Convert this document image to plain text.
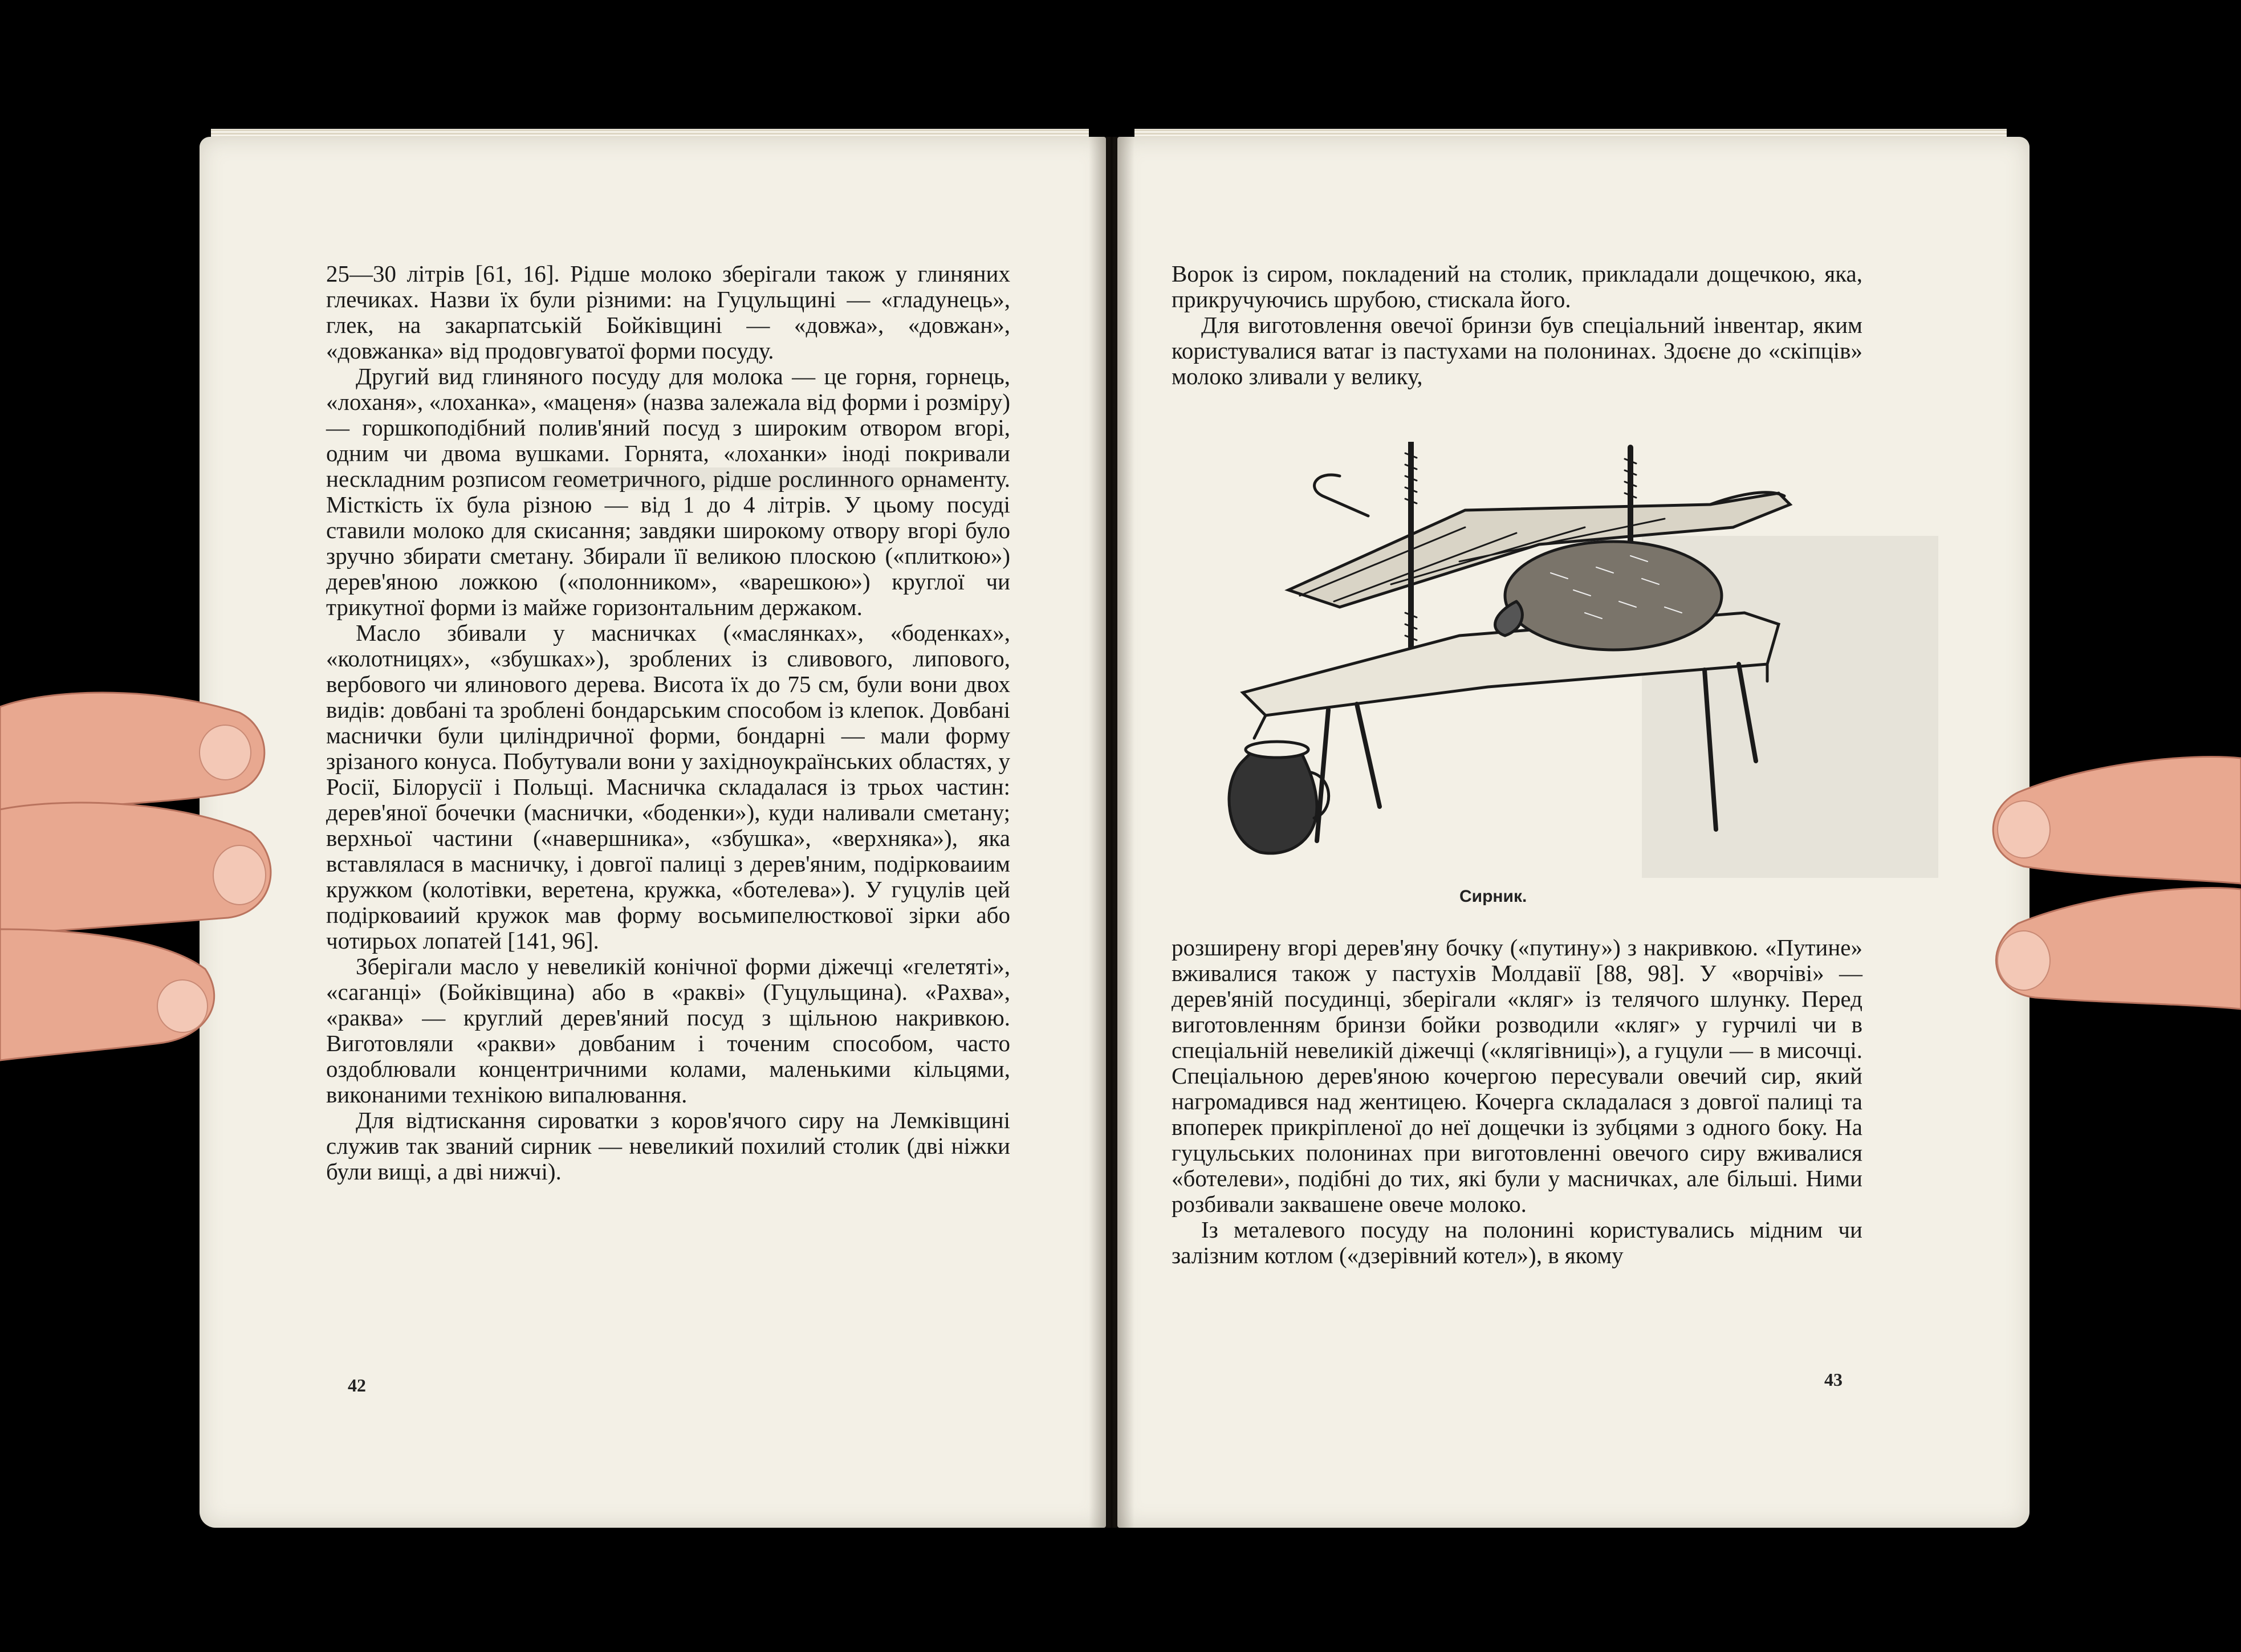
25—30 літрів [61, 16]. Рідше молоко зберігали також у глиняних глечиках. Назви їх були різними: на Гуцульщині — «гладунець», глек, на закарпатській Бойківщині — «довжа», «довжан», «довжанка» від продовгуватої форми посуду.

Другий вид глиняного посуду для молока — це горня, горнець, «лоханя», «лоханка», «маценя» (назва залежала від форми і розміру) — горшкоподібний полив'яний посуд з широким отвором вгорі, одним чи двома вушками. Горнята, «лоханки» іноді покривали нескладним розписом геометричного, рідше рослинного орнаменту. Місткість їх була різною — від 1 до 4 літрів. У цьому посуді ставили молоко для скисання; завдяки широкому отвору вгорі було зручно збирати сметану. Збирали її великою плоскою («плиткою») дерев'яною ложкою («полонником», «варешкою») круглої чи трикутної форми із майже горизонтальним держаком.

Масло збивали у масничках («маслянках», «боденках», «колотницях», «збушках»), зроблених із сливового, липового, вербового чи ялинового дерева. Висота їх до 75 см, були вони двох видів: довбані та зроблені бондарським способом із клепок. Довбані маснички були циліндричної форми, бондарні — мали форму зрізаного конуса. Побутували вони у західноукраїнських областях, у Росії, Білорусії і Польщі. Масничка складалася із трьох частин: дерев'яної бочечки (маснички, «боденки»), куди наливали сметану; верхньої частини («навершника», «збушка», «верхняка»), яка вставлялася в масничку, і довгої палиці з дерев'яним, подірковаиим кружком (колотівки, веретена, кружка, «ботелева»). У гуцулів цей подірковаиий кружок мав форму восьмипелюсткової зірки або чотирьох лопатей [141, 96].

Зберігали масло у невеликій конічної форми діжечці «гелетяті», «саганці» (Бойківщина) або в «ракві» (Гуцульщина). «Рахва», «раква» — круглий дерев'яний посуд з щільною накривкою. Виготовляли «ракви» довбаним і точеним способом, часто оздоблювали концентричними колами, маленькими кільцями, виконаними технікою випалювання.

Для відтискання сироватки з коров'ячого сиру на Лемківщині служив так званий сирник — невеликий похилий столик (дві ніжки були вищі, а дві нижчі).

42

Ворок із сиром, покладений на столик, прикладали дощечкою, яка, прикручуючись шрубою, стискала його.

Для виготовлення овечої бринзи був спеціальний інвентар, яким користувалися ватаг із пастухами на полонинах. Здоєне до «скіпців» молоко зливали у велику,

Сирник.

розширену вгорі дерев'яну бочку («путину») з накривкою. «Путине» вживалися також у пастухів Молдавії [88, 98]. У «ворчіві» — дерев'яній посудинці, зберігали «кляг» із телячого шлунку. Перед виготовленням бринзи бойки розводили «кляг» у гурчилі чи в спеціальній невеликій діжечці («клягівниці»), а гуцули — в мисочці. Спеціальною дерев'яною кочергою пересували овечий сир, який нагромадився над жентицею. Кочерга складалася з довгої палиці та впоперек прикріпленої до неї дощечки із зубцями з одного боку. На гуцульських полонинах при виготовленні овечого сиру вживалися «ботелеви», подібні до тих, які були у масничках, але більші. Ними розбивали заквашене овече молоко.

Із металевого посуду на полонині користувались мідним чи залізним котлом («дзерівний котел»), в якому

43
